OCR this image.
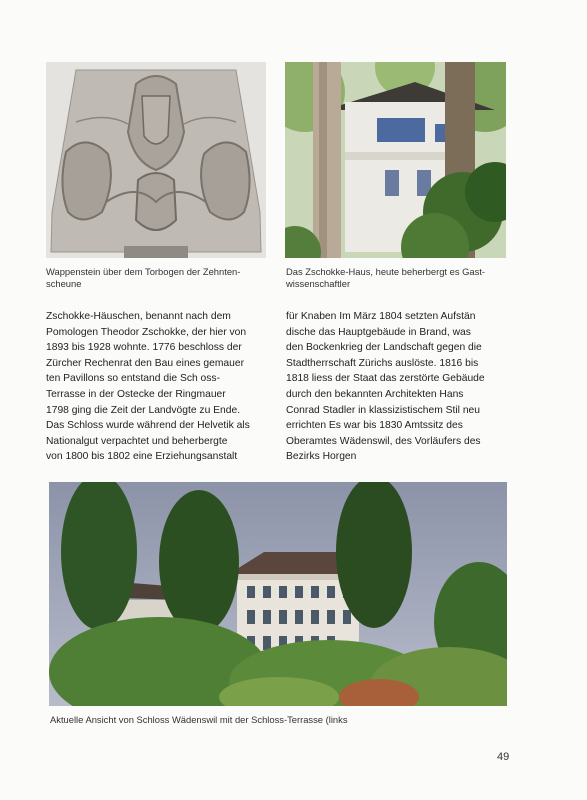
Wappenstein über dem Torbogen der Zehnten-
scheune
Das Zschokke-Haus, heute beherbergt es Gast-
wissenschaftler
Zschokke-Häuschen, benannt nach dem
Pomologen Theodor Zschokke, der hier von
1893 bis 1928 wohnte. 1776 beschloss der
Zürcher Rechenrat den Bau eines gemauer
ten Pavillons so entstand die Sch oss-
Terrasse in der Ostecke der Ringmauer
1798 ging die Zeit der Landvögte zu Ende.
Das Schloss wurde während der Helvetik als
Nationalgut verpachtet und beherbergte
von 1800 bis 1802 eine Erziehungsanstalt
für Knaben Im März 1804 setzten Aufstän
dische das Hauptgebäude in Brand, was
den Bockenkrieg der Landschaft gegen die
Stadtherrschaft Zürichs auslöste. 1816 bis
1818 liess der Staat das zerstörte Gebäude
durch den bekannten Architekten Hans
Conrad Stadler in klassizistischem Stil neu
errichten Es war bis 1830 Amtssitz des
Oberamtes Wädenswil, des Vorläufers des
Bezirks Horgen
Aktuelle Ansicht von Schloss Wädenswil mit der Schloss-Terrasse (links
49
